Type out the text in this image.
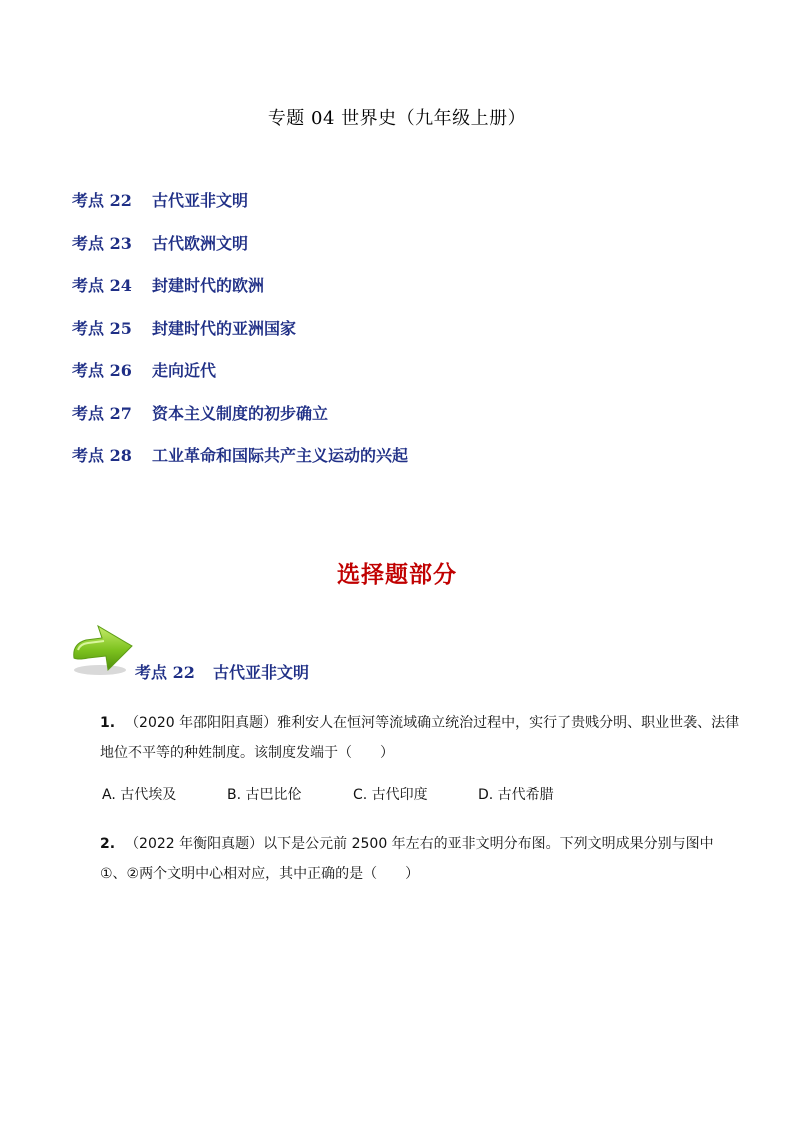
专题 04 世界史（九年级上册）
考点 22 古代亚非文明
考点 23 古代欧洲文明
考点 24 封建时代的欧洲
考点 25 封建时代的亚洲国家
考点 26 走向近代
考点 27 资本主义制度的初步确立
考点 28 工业革命和国际共产主义运动的兴起
选择题部分
考点 22 古代亚非文明
1. （2020 年邵阳阳真题）雅利安人在恒河等流域确立统治过程中，实行了贵贱分明、职业世袭、法律地位不平等的种姓制度。该制度发端于（　　）
A. 古代埃及	B. 古巴比伦	C. 古代印度	D. 古代希腊
2. （2022 年衡阳真题）以下是公元前 2500 年左右的亚非文明分布图。下列文明成果分别与图中①、②两个文明中心相对应，其中正确的是（　　）
